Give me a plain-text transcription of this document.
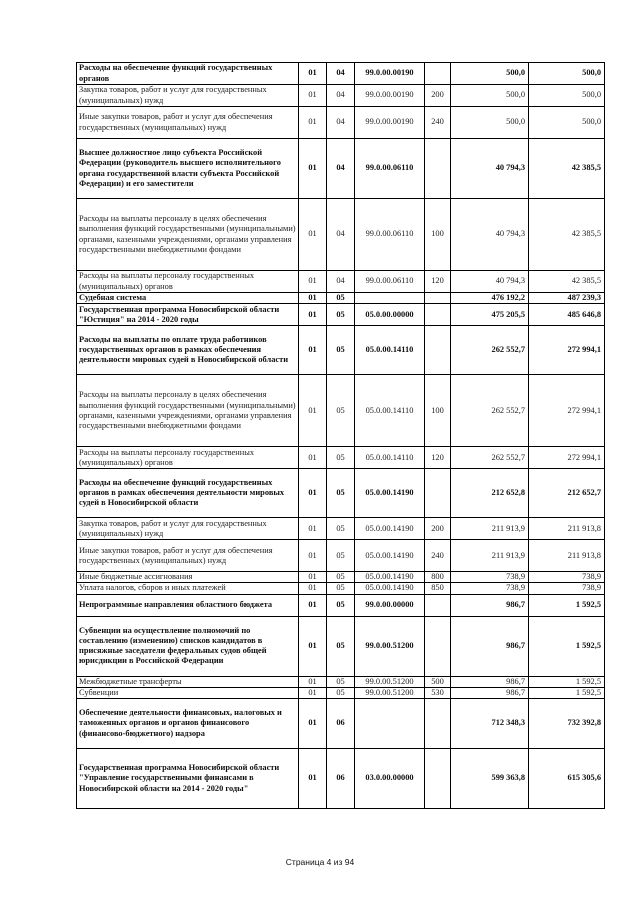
Расходы на обеспечение функций государственных органов	01	04	99.0.00.00190		500,0	500,0
Закупка товаров, работ и услуг для государственных (муниципальных) нужд	01	04	99.0.00.00190	200	500,0	500,0
Иные закупки товаров, работ и услуг для обеспечения государственных (муниципальных) нужд	01	04	99.0.00.00190	240	500,0	500,0
Высшее должностное лицо субъекта Российской Федерации (руководитель высшего исполнительного органа государственной власти субъекта Российской Федерации) и его заместители	01	04	99.0.00.06110		40 794,3	42 385,5
Расходы на выплаты персоналу в целях обеспечения выполнения функций государственными (муниципальными) органами, казенными учреждениями, органами управления государственными внебюджетными фондами	01	04	99.0.00.06110	100	40 794,3	42 385,5
Расходы на выплаты персоналу государственных (муниципальных) органов	01	04	99.0.00.06110	120	40 794,3	42 385,5
Судебная система	01	05			476 192,2	487 239,3
Государственная программа Новосибирской области "Юстиция" на 2014 - 2020 годы	01	05	05.0.00.00000		475 205,5	485 646,8
Расходы на выплаты по оплате труда работников государственных органов в рамках обеспечения деятельности мировых судей в Новосибирской области	01	05	05.0.00.14110		262 552,7	272 994,1
Расходы на выплаты персоналу в целях обеспечения выполнения функций государственными (муниципальными) органами, казенными учреждениями, органами управления государственными внебюджетными фондами	01	05	05.0.00.14110	100	262 552,7	272 994,1
Расходы на выплаты персоналу государственных (муниципальных) органов	01	05	05.0.00.14110	120	262 552,7	272 994,1
Расходы на обеспечение функций государственных органов в рамках обеспечения деятельности мировых судей в Новосибирской области	01	05	05.0.00.14190		212 652,8	212 652,7
Закупка товаров, работ и услуг для государственных (муниципальных) нужд	01	05	05.0.00.14190	200	211 913,9	211 913,8
Иные закупки товаров, работ и услуг для обеспечения государственных (муниципальных) нужд	01	05	05.0.00.14190	240	211 913,9	211 913,8
Иные бюджетные ассигнования	01	05	05.0.00.14190	800	738,9	738,9
Уплата налогов, сборов и иных платежей	01	05	05.0.00.14190	850	738,9	738,9
Непрограммные направления областного бюджета	01	05	99.0.00.00000		986,7	1 592,5
Субвенции на осуществление полномочий по составлению (изменению) списков кандидатов в присяжные заседатели федеральных судов общей юрисдикции в Российской Федерации	01	05	99.0.00.51200		986,7	1 592,5
Межбюджетные трансферты	01	05	99.0.00.51200	500	986,7	1 592,5
Субвенции	01	05	99.0.00.51200	530	986,7	1 592,5
Обеспечение деятельности финансовых, налоговых и таможенных органов и органов финансового (финансово-бюджетного) надзора	01	06			712 348,3	732 392,8
Государственная программа Новосибирской области "Управление государственными финансами в Новосибирской области на 2014 - 2020 годы"	01	06	03.0.00.00000		599 363,8	615 305,6
Страница 4 из 94
